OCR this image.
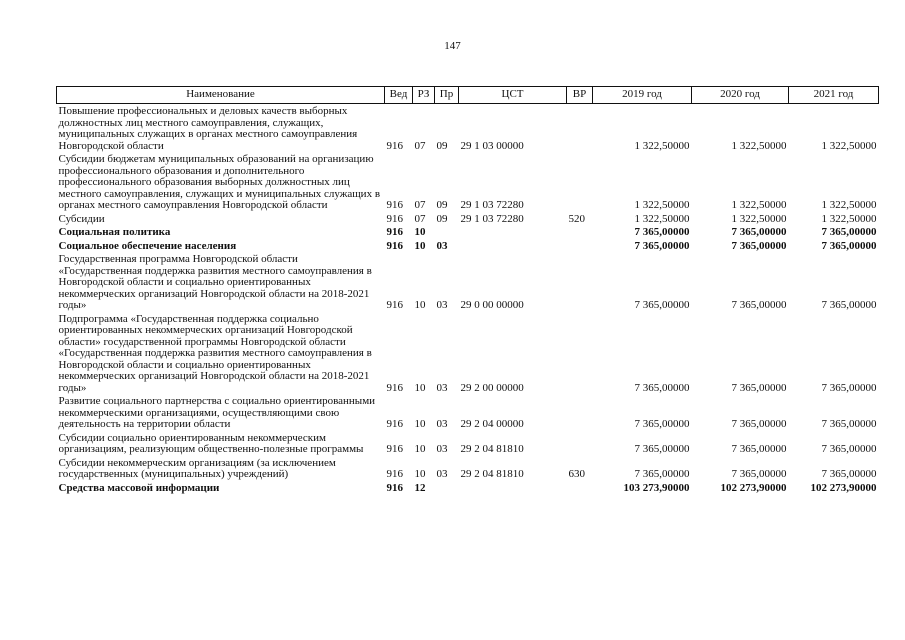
147
Наименование	Вед	РЗ	Пр	ЦСТ	ВР	2019 год	2020 год	2021 год
Повышение профессиональных и деловых качеств выборных должностных лиц местного самоуправления, служащих, муниципальных служащих в органах местного самоуправления Новгородской области	916	07	09	29 1 03 00000		1 322,50000	1 322,50000	1 322,50000
Субсидии бюджетам муниципальных образований на организацию профессионального образования и дополнительного профессионального образования выборных должностных лиц местного самоуправления, служащих и муниципальных служащих в органах местного самоуправления Новгородской области	916	07	09	29 1 03 72280		1 322,50000	1 322,50000	1 322,50000
Субсидии	916	07	09	29 1 03 72280	520	1 322,50000	1 322,50000	1 322,50000
Социальная политика	916	10				7 365,00000	7 365,00000	7 365,00000
Социальное обеспечение населения	916	10	03			7 365,00000	7 365,00000	7 365,00000
Государственная программа Новгородской области «Государственная поддержка развития местного самоуправления в Новгородской области и социально ориентированных некоммерческих организаций Новгородской области на 2018-2021 годы»	916	10	03	29 0 00 00000		7 365,00000	7 365,00000	7 365,00000
Подпрограмма «Государственная поддержка социально ориентированных некоммерческих организаций Новгородской области» государственной программы Новгородской области «Государственная поддержка развития местного самоуправления в Новгородской области и социально ориентированных некоммерческих организаций Новгородской области на 2018-2021 годы»	916	10	03	29 2 00 00000		7 365,00000	7 365,00000	7 365,00000
Развитие социального партнерства с социально ориентированными некоммерческими организациями, осуществляющими свою деятельность на территории области	916	10	03	29 2 04 00000		7 365,00000	7 365,00000	7 365,00000
Субсидии социально ориентированным некоммерческим организациям, реализующим общественно-полезные программы	916	10	03	29 2 04 81810		7 365,00000	7 365,00000	7 365,00000
Субсидии некоммерческим организациям (за исключением государственных (муниципальных) учреждений)	916	10	03	29 2 04 81810	630	7 365,00000	7 365,00000	7 365,00000
Средства массовой информации	916	12				103 273,90000	102 273,90000	102 273,90000
